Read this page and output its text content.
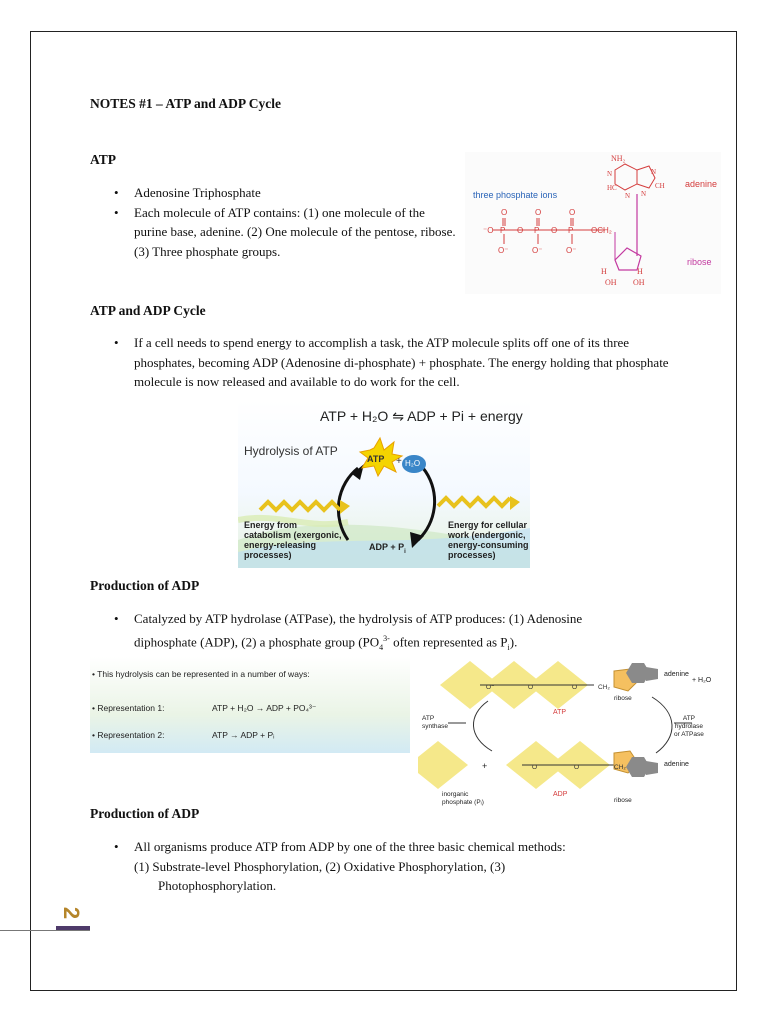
NOTES #1 – ATP and ADP Cycle
ATP
• Adenosine Triphosphate
• Each molecule of ATP contains: (1) one molecule of the purine base, adenine. (2) One molecule of the pentose, ribose. (3) Three phosphate groups.
⁻O P O P O P
O	O	O
O⁻	O⁻	O⁻
OCH₂
H	H
OH OH
NH₂
N
HC
N
N
CH
N
three phosphate ions
adenine
ribose
ATP and ADP Cycle
• If a cell needs to spend energy to accomplish a task, the ATP molecule splits off one of its three phosphates, becoming ADP (Adenosine di-phosphate) + phosphate. The energy holding that phosphate molecule is now released and available to do work for the cell.
ATP + H₂O ⇋ ADP + Pi + energy
Hydrolysis of ATP
ATP + H₂O
Energy from
catabolism (exergonic,
energy-releasing
processes)
Energy for cellular
work (endergonic,
energy-consuming
processes)
ADP + $P_i$
Production of ADP
• Catalyzed by ATP hydrolase (ATPase), the hydrolysis of ATP produces: (1) Adenosine
diphosphate (ADP), (2) a phosphate group ($PO_4^{3-}$ often represented as $P_i$).
• This hydrolysis can be represented in a number of ways:
• Representation 1:	ATP + H₂O → ADP + PO₄³⁻
• Representation 2:	ATP → ADP + Pᵢ
O⁻	O	O	CH₂
O	O	CH₂
ATP
ADP
adenine
+ H₂O
adenine
ribose
ribose
ATP
synthase
ATP
hydrolase
or ATPase
inorganic
phosphate (Pᵢ)
+
Production of ADP
• All organisms produce ATP from ADP by one of the three basic chemical methods:
(1) Substrate-level Phosphorylation, (2) Oxidative Phosphorylation, (3)
Photophosphorylation.
2
